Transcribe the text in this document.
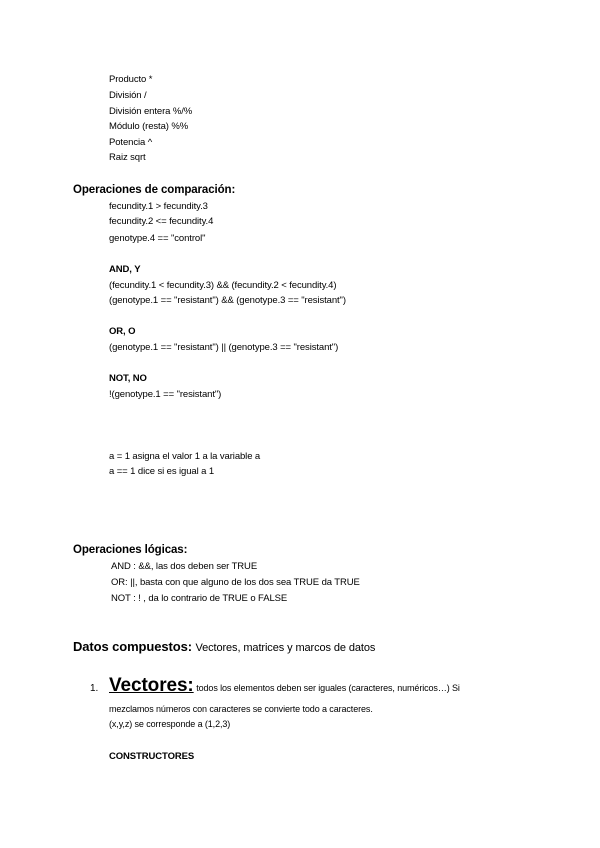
Producto *
División /
División entera %/%
Módulo (resta) %%
Potencia ^
Raiz sqrt
Operaciones de comparación:
fecundity.1 > fecundity.3
fecundity.2 <= fecundity.4
genotype.4 == "control"
AND, Y
(fecundity.1 < fecundity.3) && (fecundity.2 < fecundity.4)
(genotype.1 == "resistant") && (genotype.3 == "resistant")
OR, O
(genotype.1 == "resistant") || (genotype.3 == "resistant")
NOT, NO
!(genotype.1 == "resistant")
a = 1 asigna el valor 1 a la variable a
a == 1 dice si es igual a 1
Operaciones lógicas:
AND : &&, las dos deben ser TRUE
OR: ||, basta con que alguno de los dos sea TRUE da TRUE
NOT : ! , da lo contrario de TRUE o FALSE
Datos compuestos: Vectores, matrices y marcos de datos
1. Vectores: todos los elementos deben ser iguales (caracteres, numéricos…) Si
mezclamos números con caracteres se convierte todo a caracteres.
(x,y,z) se corresponde a (1,2,3)
CONSTRUCTORES
